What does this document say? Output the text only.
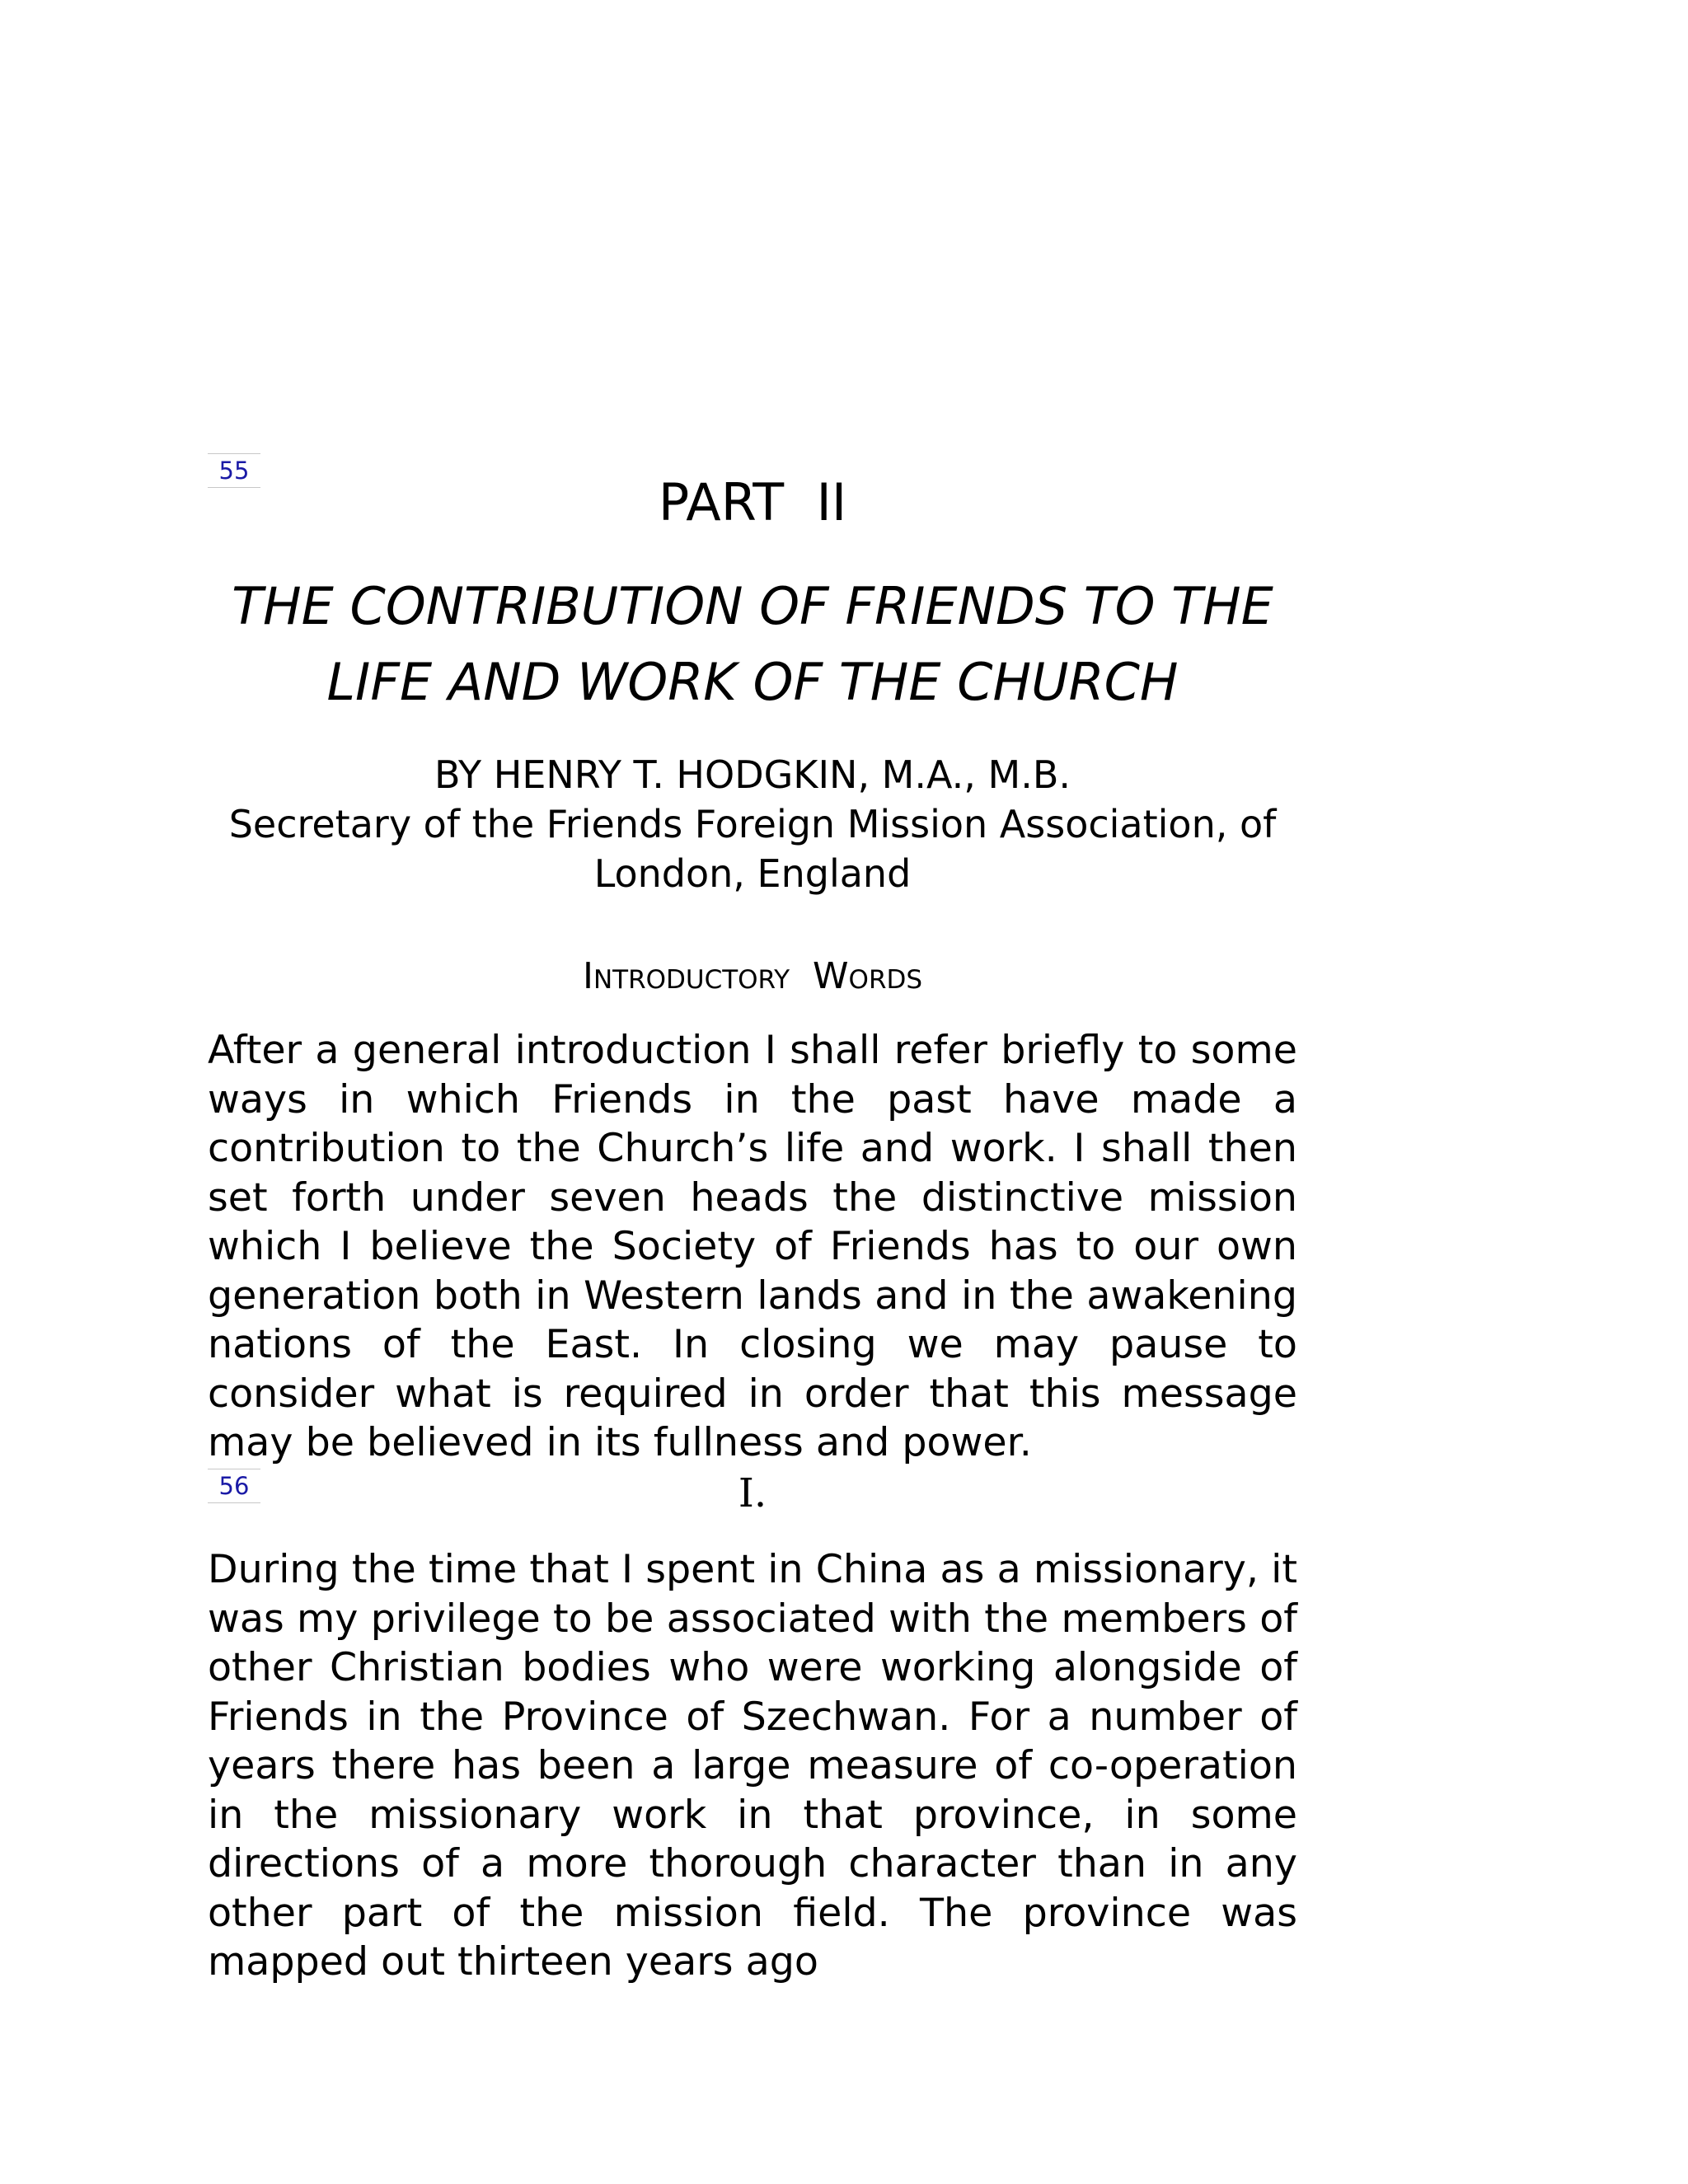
55
PART  II
THE CONTRIBUTION OF FRIENDS TO THE
LIFE AND WORK OF THE CHURCH
BY HENRY T. HODGKIN, M.A., M.B.
Secretary of the Friends Foreign Mission Association, of London, England
Introductory Words

After a general introduction I shall refer briefly to some ways in which Friends in the past have made a contribution to the Church’s life and work. I shall then set forth under seven heads the distinctive mission which I believe the Society of Friends has to our own generation both in Western lands and in the awakening nations of the East. In closing we may pause to consider what is required in order that this message may be believed in its fullness and power.

56	I.

During the time that I spent in China as a missionary, it was my privilege to be associated with the members of other Christian bodies who were working alongside of Friends in the Province of Szechwan. For a number of years there has been a large measure of co-operation in the missionary work in that province, in some directions of a more thorough character than in any other part of the mission field. The province was mapped out thirteen years ago
